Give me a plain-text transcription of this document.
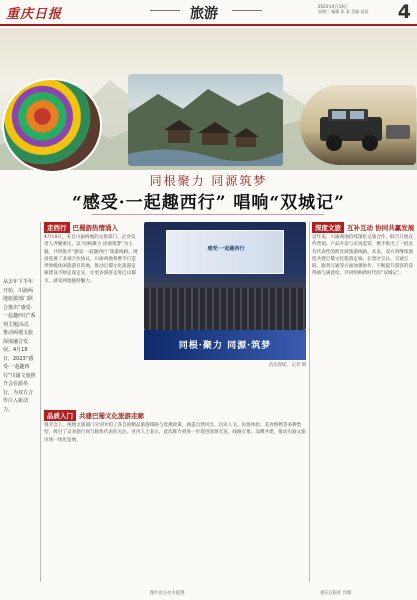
重庆日报	旅游	2023年4月19日
星期三 编辑 张 某 美编 某某	4
同根聚力 同源筑梦
“感受·一起趣西行” 唱响“双城记”
从去年下半年开始，川渝两地旅游部门联合推出“感受·一起趣西行”系列主题活动，推动两地文旅深度融合发展。4月18日，2023“感受·一起趣西行”川渝文旅推介会在渝举行，为双方合作注入新动力。
走西行 巴蜀游热情涌入
4月18日，来自川渝两地的文旅部门、企业负责人齐聚重庆，以“同根聚力 同源筑梦”为主题，共同推介“感受·一起趣西行”旅游线路。现场签署了多项合作协议，川渝两地将携手打造世界级休闲旅游目的地，推动巴蜀文化旅游走廊建设不断走深走实，让更多游客走进巴山蜀水，感受两地独特魅力。
感受·一起趣西行
同根·聚力 同源·筑梦
活动现场。 记者 摄
深度文旅 互补互动 协同共赢发展
近年来，川渝两地持续深化文旅合作，联合开展宣传营销、产品开发与市场监管，携手推出了一批具有代表性的跨区域旅游线路。未来，双方将继续围绕共建巴蜀文化旅游走廊，在景区互认、交通互联、服务互通等方面加强协作，不断提升游客的获得感与满意度，共同唱响新时代的“双城记”。
品质入门 共建巴蜀文化旅游走廊
推介会上，两地文旅部门分别介绍了各自的精品旅游线路与优惠政策，涵盖自然风光、历史人文、民俗体验、美食购物等多种类型，吸引了众多旅行商与媒体代表的关注。业内人士表示，此次推介将进一步促进客源互送、线路互推、品牌共建，推动川渝文旅市场一体化发展。
图片由主办方提供	重庆日报社 出版
